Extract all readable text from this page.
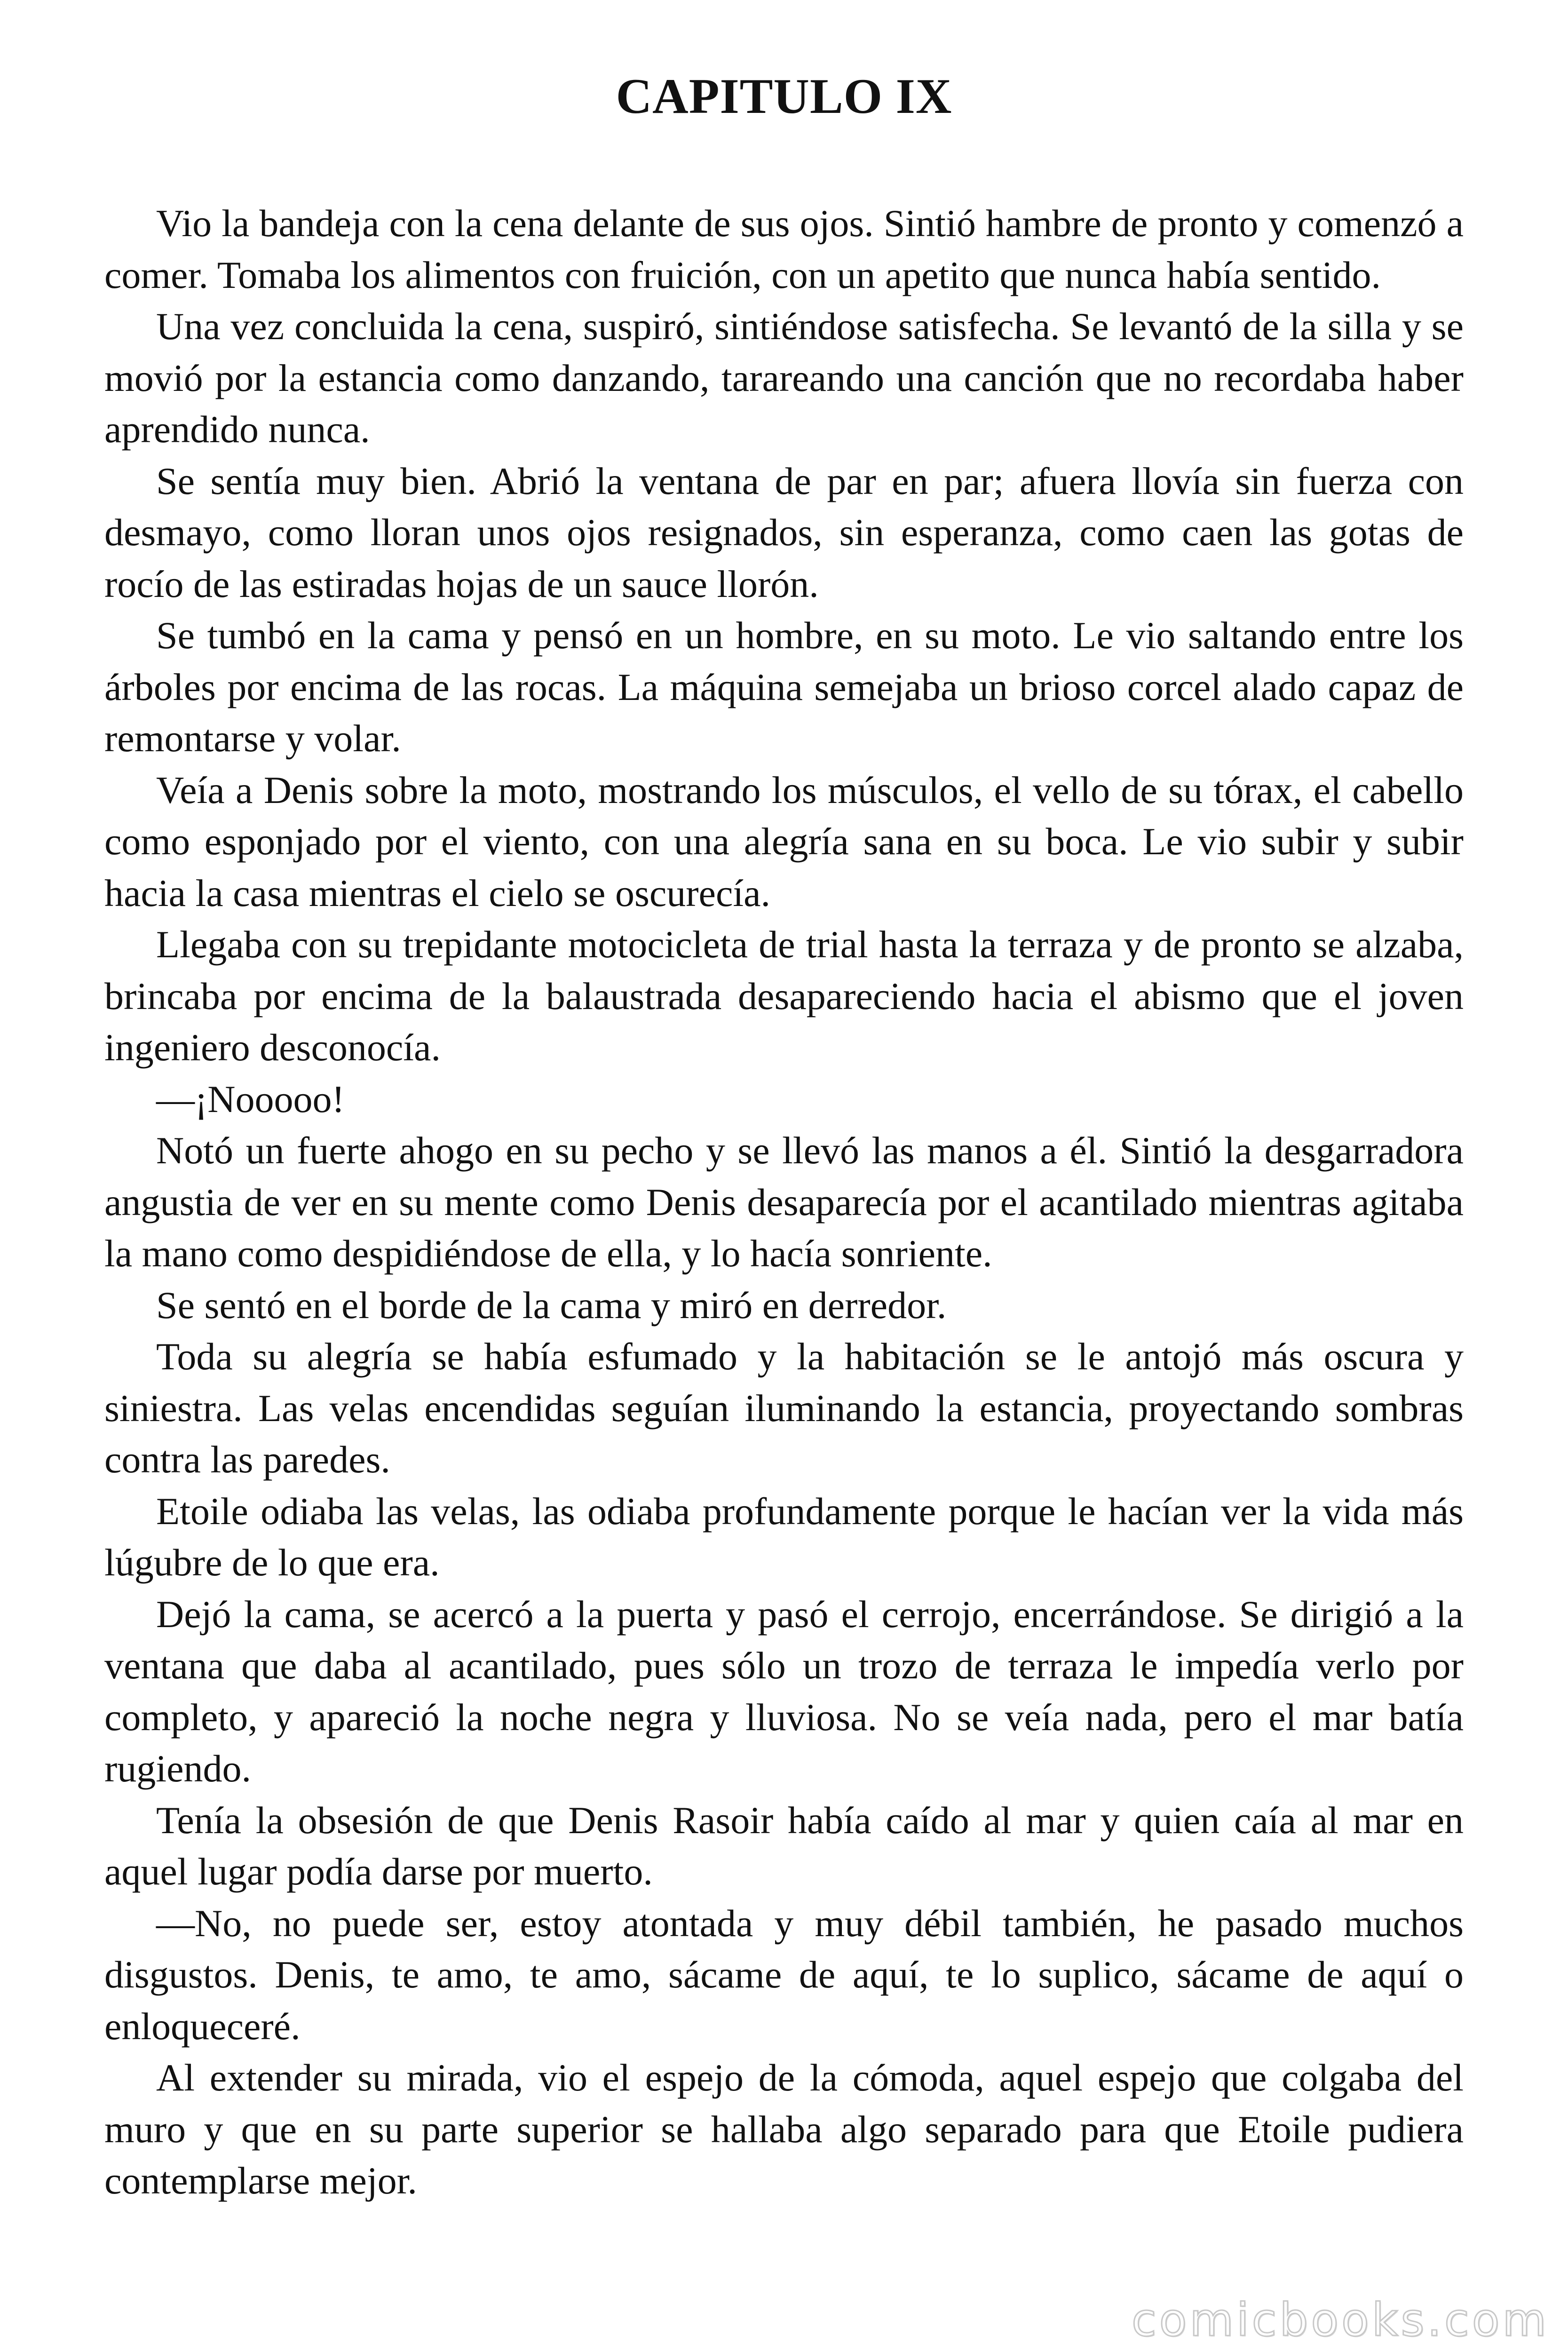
CAPITULO IX

Vio la bandeja con la cena delante de sus ojos. Sintió hambre de pronto y comenzó a comer. Tomaba los alimentos con fruición, con un apetito que nunca había sentido.

Una vez concluida la cena, suspiró, sintiéndose satisfecha. Se levantó de la silla y se movió por la estancia como danzando, tarareando una canción que no recordaba haber aprendido nunca.

Se sentía muy bien. Abrió la ventana de par en par; afuera llovía sin fuerza con desmayo, como lloran unos ojos resignados, sin esperanza, como caen las gotas de rocío de las estiradas hojas de un sauce llorón.

Se tumbó en la cama y pensó en un hombre, en su moto. Le vio saltando entre los árboles por encima de las rocas. La máquina semejaba un brioso corcel alado capaz de remontarse y volar.

Veía a Denis sobre la moto, mostrando los músculos, el vello de su tórax, el cabello como esponjado por el viento, con una alegría sana en su boca. Le vio subir y subir hacia la casa mientras el cielo se oscurecía.

Llegaba con su trepidante motocicleta de trial hasta la terraza y de pronto se alzaba, brincaba por encima de la balaustrada desapareciendo hacia el abismo que el joven ingeniero desconocía.

—¡Nooooo!

Notó un fuerte ahogo en su pecho y se llevó las manos a él. Sintió la desgarradora angustia de ver en su mente como Denis desaparecía por el acantilado mientras agitaba la mano como despidiéndose de ella, y lo hacía sonriente.

Se sentó en el borde de la cama y miró en derredor.

Toda su alegría se había esfumado y la habitación se le antojó más oscura y siniestra. Las velas encendidas seguían iluminando la estancia, proyectando sombras contra las paredes.

Etoile odiaba las velas, las odiaba profundamente porque le hacían ver la vida más lúgubre de lo que era.

Dejó la cama, se acercó a la puerta y pasó el cerrojo, encerrándose. Se dirigió a la ventana que daba al acantilado, pues sólo un trozo de terraza le impedía verlo por completo, y apareció la noche negra y lluviosa. No se veía nada, pero el mar batía rugiendo.

Tenía la obsesión de que Denis Rasoir había caído al mar y quien caía al mar en aquel lugar podía darse por muerto.

—No, no puede ser, estoy atontada y muy débil también, he pasado muchos disgustos. Denis, te amo, te amo, sácame de aquí, te lo suplico, sácame de aquí o enloqueceré.

Al extender su mirada, vio el espejo de la cómoda, aquel espejo que colgaba del muro y que en su parte superior se hallaba algo separado para que Etoile pudiera contemplarse mejor.

comicbooks.com
